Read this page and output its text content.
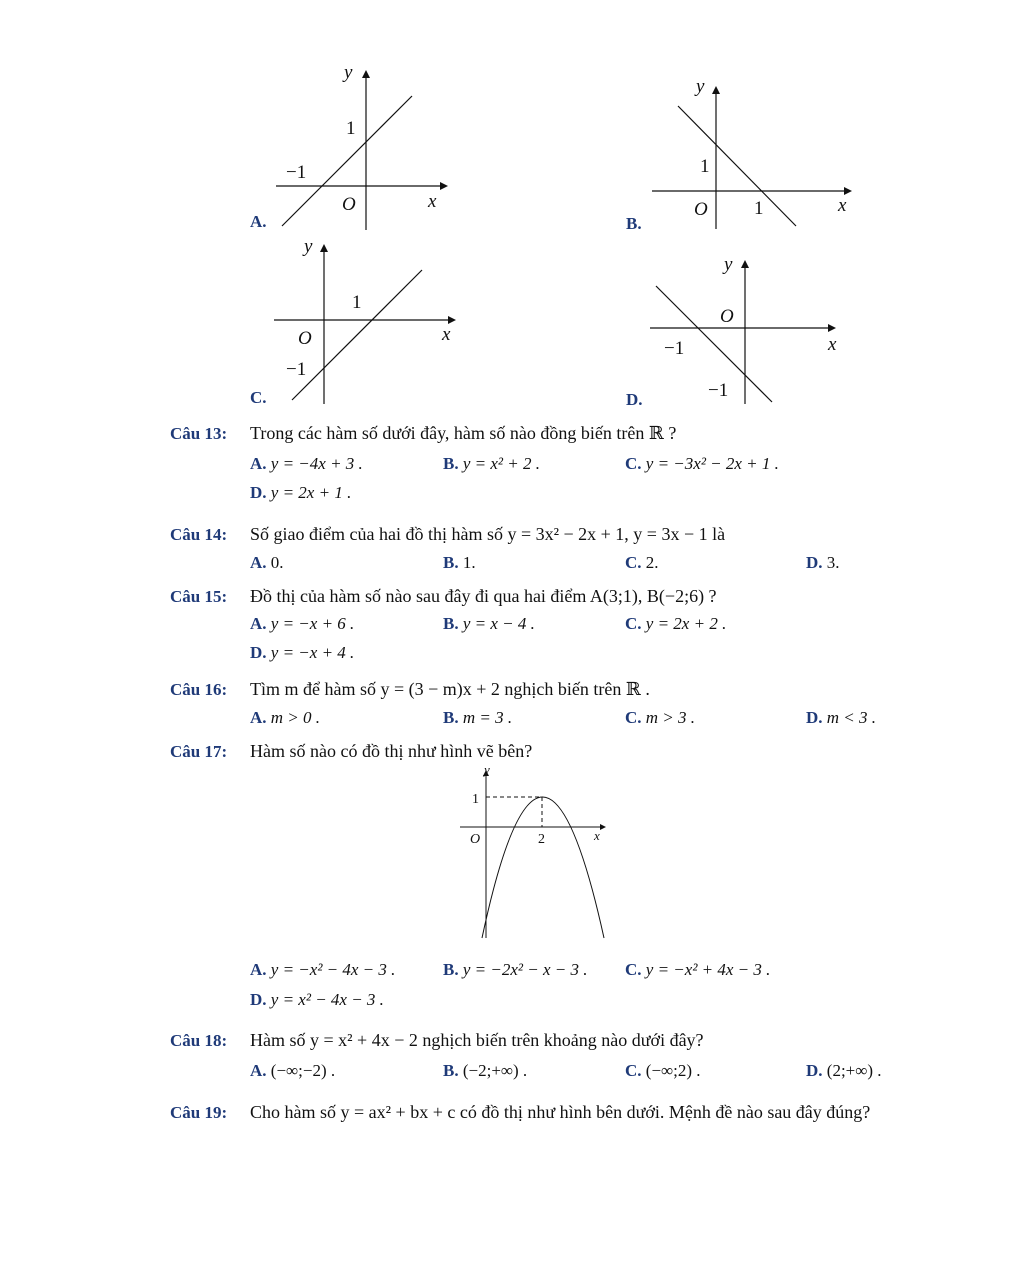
A.
y
x
O
1
−1
B.
y
x
O
1
1
C.
y
x
O
1
−1
D.
y
x
O
−1
−1
Câu 13: Trong các hàm số dưới đây, hàm số nào đồng biến trên ℝ ?
A. y = −4x + 3 .	B. y = x² + 2 .	C. y = −3x² − 2x + 1 .
D. y = 2x + 1 .
Câu 14: Số giao điểm của hai đồ thị hàm số y = 3x² − 2x + 1, y = 3x − 1 là
A. 0.	B. 1.	C. 2.	D. 3.
Câu 15: Đồ thị của hàm số nào sau đây đi qua hai điểm A(3;1), B(−2;6) ?
A. y = −x + 6 .	B. y = x − 4 .	C. y = 2x + 2 .
D. y = −x + 4 .
Câu 16: Tìm m để hàm số y = (3 − m)x + 2 nghịch biến trên ℝ .
A. m > 0 .	B. m = 3 .	C. m > 3 .	D. m < 3 .
Câu 17: Hàm số nào có đồ thị như hình vẽ bên?
y
1
O	2	x
A. y = −x² − 4x − 3 .	B. y = −2x² − x − 3 . C. y = −x² + 4x − 3 .
D. y = x² − 4x − 3 .
Câu 18: Hàm số y = x² + 4x − 2 nghịch biến trên khoảng nào dưới đây?
A. (−∞;−2) .	B. (−2;+∞) .	C. (−∞;2) .	D. (2;+∞) .
Câu 19: Cho hàm số y = ax² + bx + c có đồ thị như hình bên dưới. Mệnh đề nào sau đây đúng?
